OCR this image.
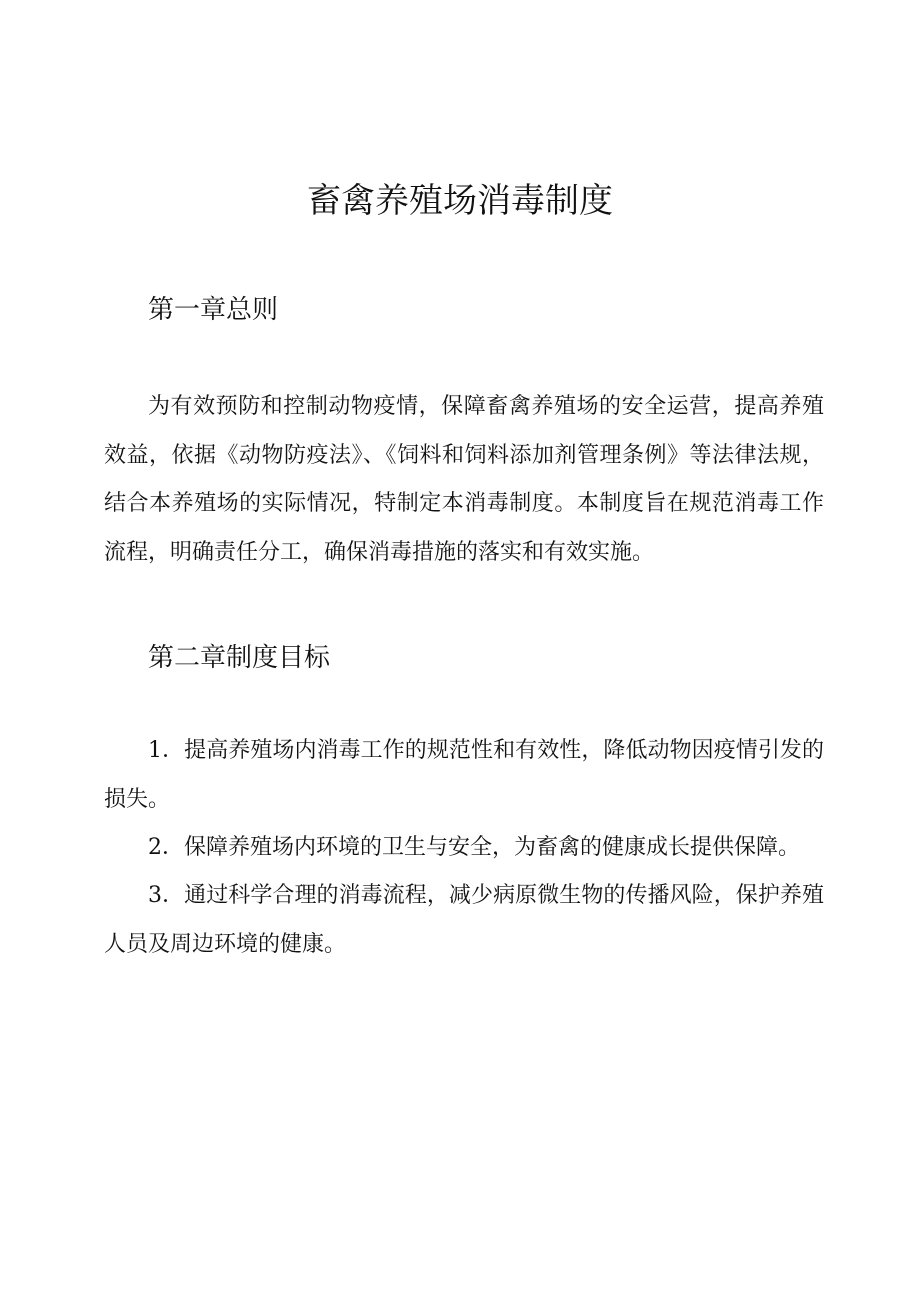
畜禽养殖场消毒制度
第一章总则

为有效预防和控制动物疫情，保障畜禽养殖场的安全运营，提高养殖效益，依据《动物防疫法》、《饲料和饲料添加剂管理条例》等法律法规，结合本养殖场的实际情况，特制定本消毒制度。本制度旨在规范消毒工作流程，明确责任分工，确保消毒措施的落实和有效实施。

第二章制度目标

1．提高养殖场内消毒工作的规范性和有效性，降低动物因疫情引发的损失。

2．保障养殖场内环境的卫生与安全，为畜禽的健康成长提供保障。

3．通过科学合理的消毒流程，减少病原微生物的传播风险，保护养殖人员及周边环境的健康。
